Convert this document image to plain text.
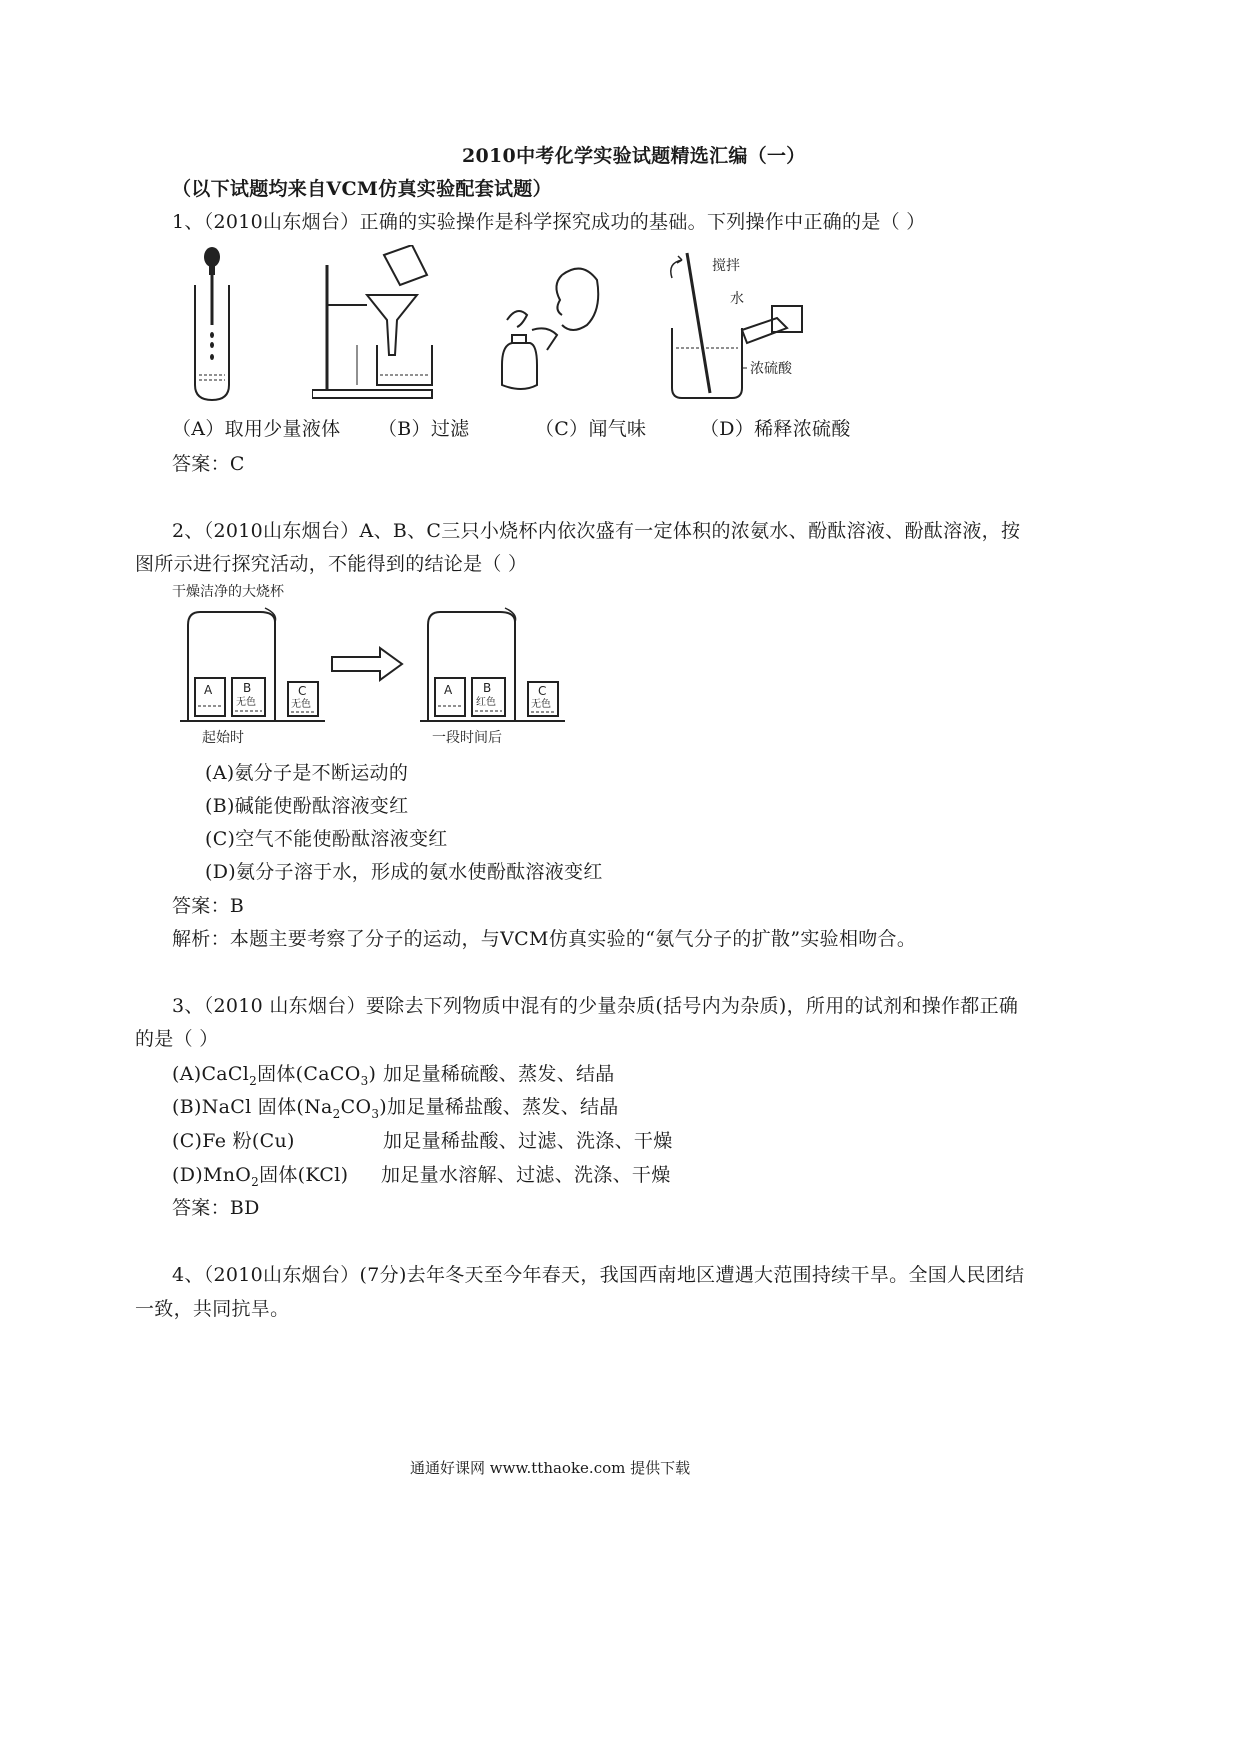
2010中考化学实验试题精选汇编（一）
（以下试题均来自VCM仿真实验配套试题）
1、（2010山东烟台）正确的实验操作是科学探究成功的基础。下列操作中正确的是（ ）
搅拌
水
浓硫酸
（A）取用少量液体 （B）过滤	（C）闻气味	（D）稀释浓硫酸
答案：C
2、（2010山东烟台）A、B、C三只小烧杯内依次盛有一定体积的浓氨水、酚酞溶液、酚酞溶液，按
图所示进行探究活动，不能得到的结论是（ ）
干燥洁净的大烧杯
A	B
无色
C
无色
起始时
A	B
红色
C
无色
一段时间后
(A)氨分子是不断运动的
(B)碱能使酚酞溶液变红
(C)空气不能使酚酞溶液变红
(D)氨分子溶于水，形成的氨水使酚酞溶液变红
答案：B
解析：本题主要考察了分子的运动，与VCM仿真实验的“氨气分子的扩散”实验相吻合。
3、（2010 山东烟台）要除去下列物质中混有的少量杂质(括号内为杂质)，所用的试剂和操作都正确
的是（ ）
(A)CaCl$_2$固体(CaCO$_3$) 加足量稀硫酸、蒸发、结晶
(B)NaCl 固体$(Na_2CO_3)$ 加足量稀盐酸、蒸发、结晶
(C)Fe 粉(Cu)	加足量稀盐酸、过滤、洗涤、干燥
(D)MnO$_2$固体(KCl) 加足量水溶解、过滤、洗涤、干燥
答案：BD
4、（2010山东烟台）(7分)去年冬天至今年春天，我国西南地区遭遇大范围持续干旱。全国人民团结
一致，共同抗旱。
通通好课网 www.tthaoke.com 提供下载
